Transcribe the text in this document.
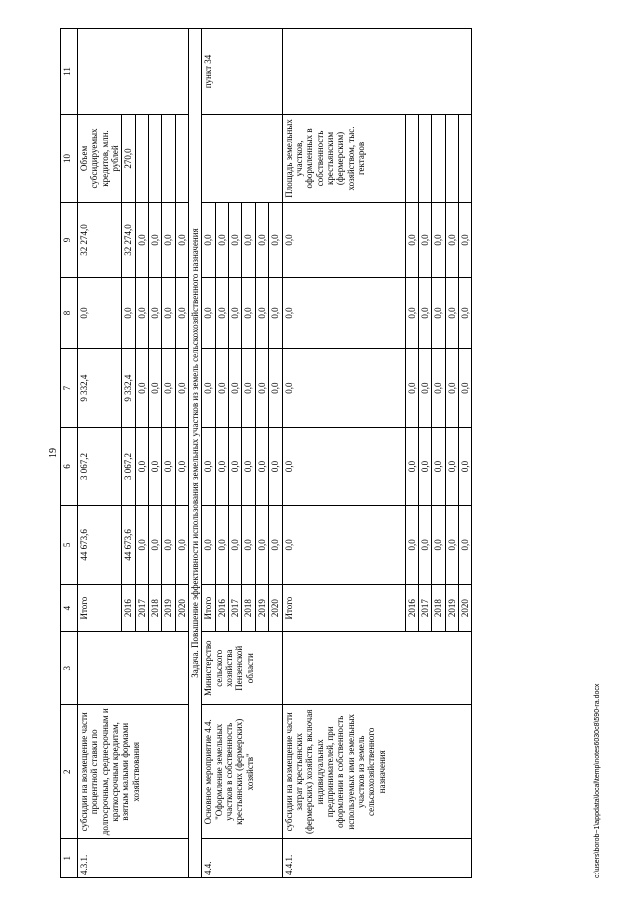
19
1	2	3	4	5	6	7	8	9	10	11
4.3.1.	субсидии на возмещение части процентной ставки по долгосрочным, среднесрочным и краткосрочным кредитам, взятым малыми формами хозяйствования		Итого	44 673,6	3 067,2	9 332,4	0,0	32 274,0	Объем субсидируемых кредитов, млн. рублей	
			2016	44 673,6	3 067,2	9 332,4	0,0	32 274,0	270,0	
			2017	0,0	0,0	0,0	0,0	0,0		
			2018	0,0	0,0	0,0	0,0	0,0		
			2019	0,0	0,0	0,0	0,0	0,0		
			2020	0,0	0,0	0,0	0,0	0,0		
Задача. Повышение эффективности использования земельных участков из земель сельскохозяйственного назначения										
4.4.	Основное мероприятие 4.4. "Оформление земельных участков в собственность крестьянских (фермерских) хозяйств"	Министерство сельского хозяйства Пензенской области	Итого	0,0	0,0	0,0	0,0	0,0		пункт 34
			2016	0,0	0,0	0,0	0,0	0,0		
			2017	0,0	0,0	0,0	0,0	0,0		
			2018	0,0	0,0	0,0	0,0	0,0		
			2019	0,0	0,0	0,0	0,0	0,0		
			2020	0,0	0,0	0,0	0,0	0,0		
4.4.1.	субсидии на возмещение части затрат крестьянских (фермерских) хозяйств, включая индивидуальных предпринимателей, при оформлении в собственность используемых ими земельных участков из земель сельскохозяйственного назначения		Итого	0,0	0,0	0,0	0,0	0,0	Площадь земельных участков, оформленных в собственность крестьянским (фермерским) хозяйством, тыс. гектаров	
			2016	0,0	0,0	0,0	0,0	0,0		
			2017	0,0	0,0	0,0	0,0	0,0		
			2018	0,0	0,0	0,0	0,0	0,0		
			2019	0,0	0,0	0,0	0,0	0,0		
			2020	0,0	0,0	0,0	0,0	0,0		
c:\users\borob~1\appdata\local\temp\notes6030c8\590-ra.docx
